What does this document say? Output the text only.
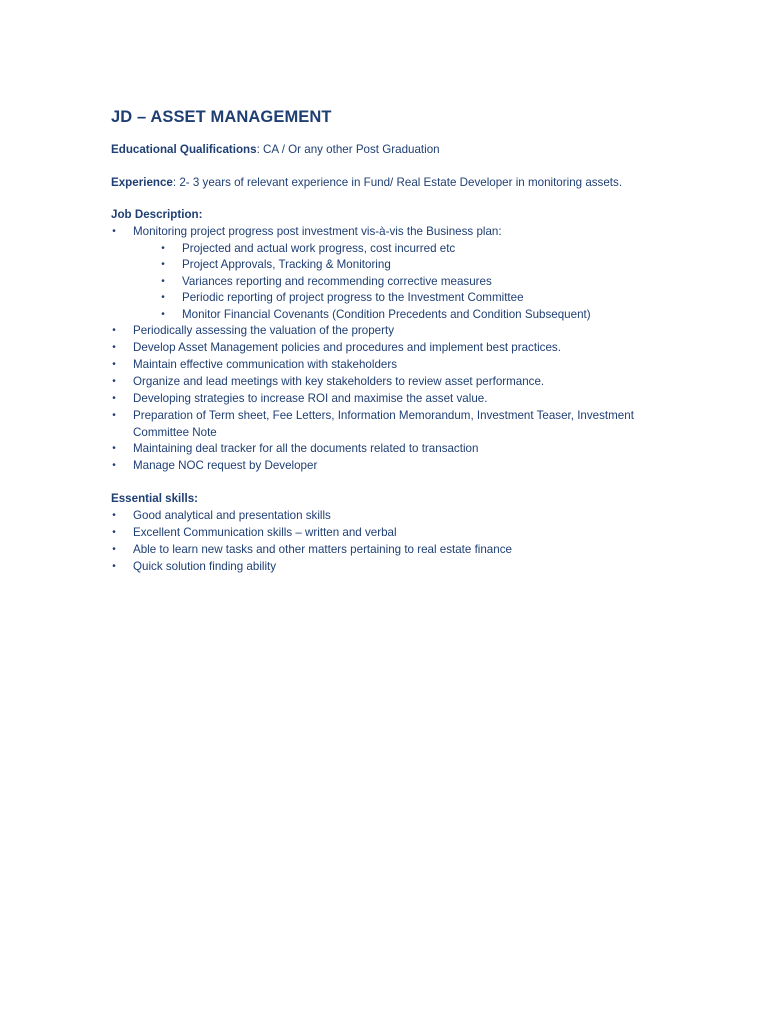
JD – ASSET MANAGEMENT
Educational Qualifications: CA / Or any other Post Graduation
Experience: 2- 3 years of relevant experience in Fund/ Real Estate Developer in monitoring assets.
Job Description:
• Monitoring project progress post investment vis-à-vis the Business plan:
• Projected and actual work progress, cost incurred etc
• Project Approvals, Tracking & Monitoring
• Variances reporting and recommending corrective measures
• Periodic reporting of project progress to the Investment Committee
• Monitor Financial Covenants (Condition Precedents and Condition Subsequent)
• Periodically assessing the valuation of the property
• Develop Asset Management policies and procedures and implement best practices.
• Maintain effective communication with stakeholders
• Organize and lead meetings with key stakeholders to review asset performance.
• Developing strategies to increase ROI and maximise the asset value.
• Preparation of Term sheet, Fee Letters, Information Memorandum, Investment Teaser, Investment Committee Note
• Maintaining deal tracker for all the documents related to transaction
• Manage NOC request by Developer
Essential skills:
• Good analytical and presentation skills
• Excellent Communication skills – written and verbal
• Able to learn new tasks and other matters pertaining to real estate finance
• Quick solution finding ability
